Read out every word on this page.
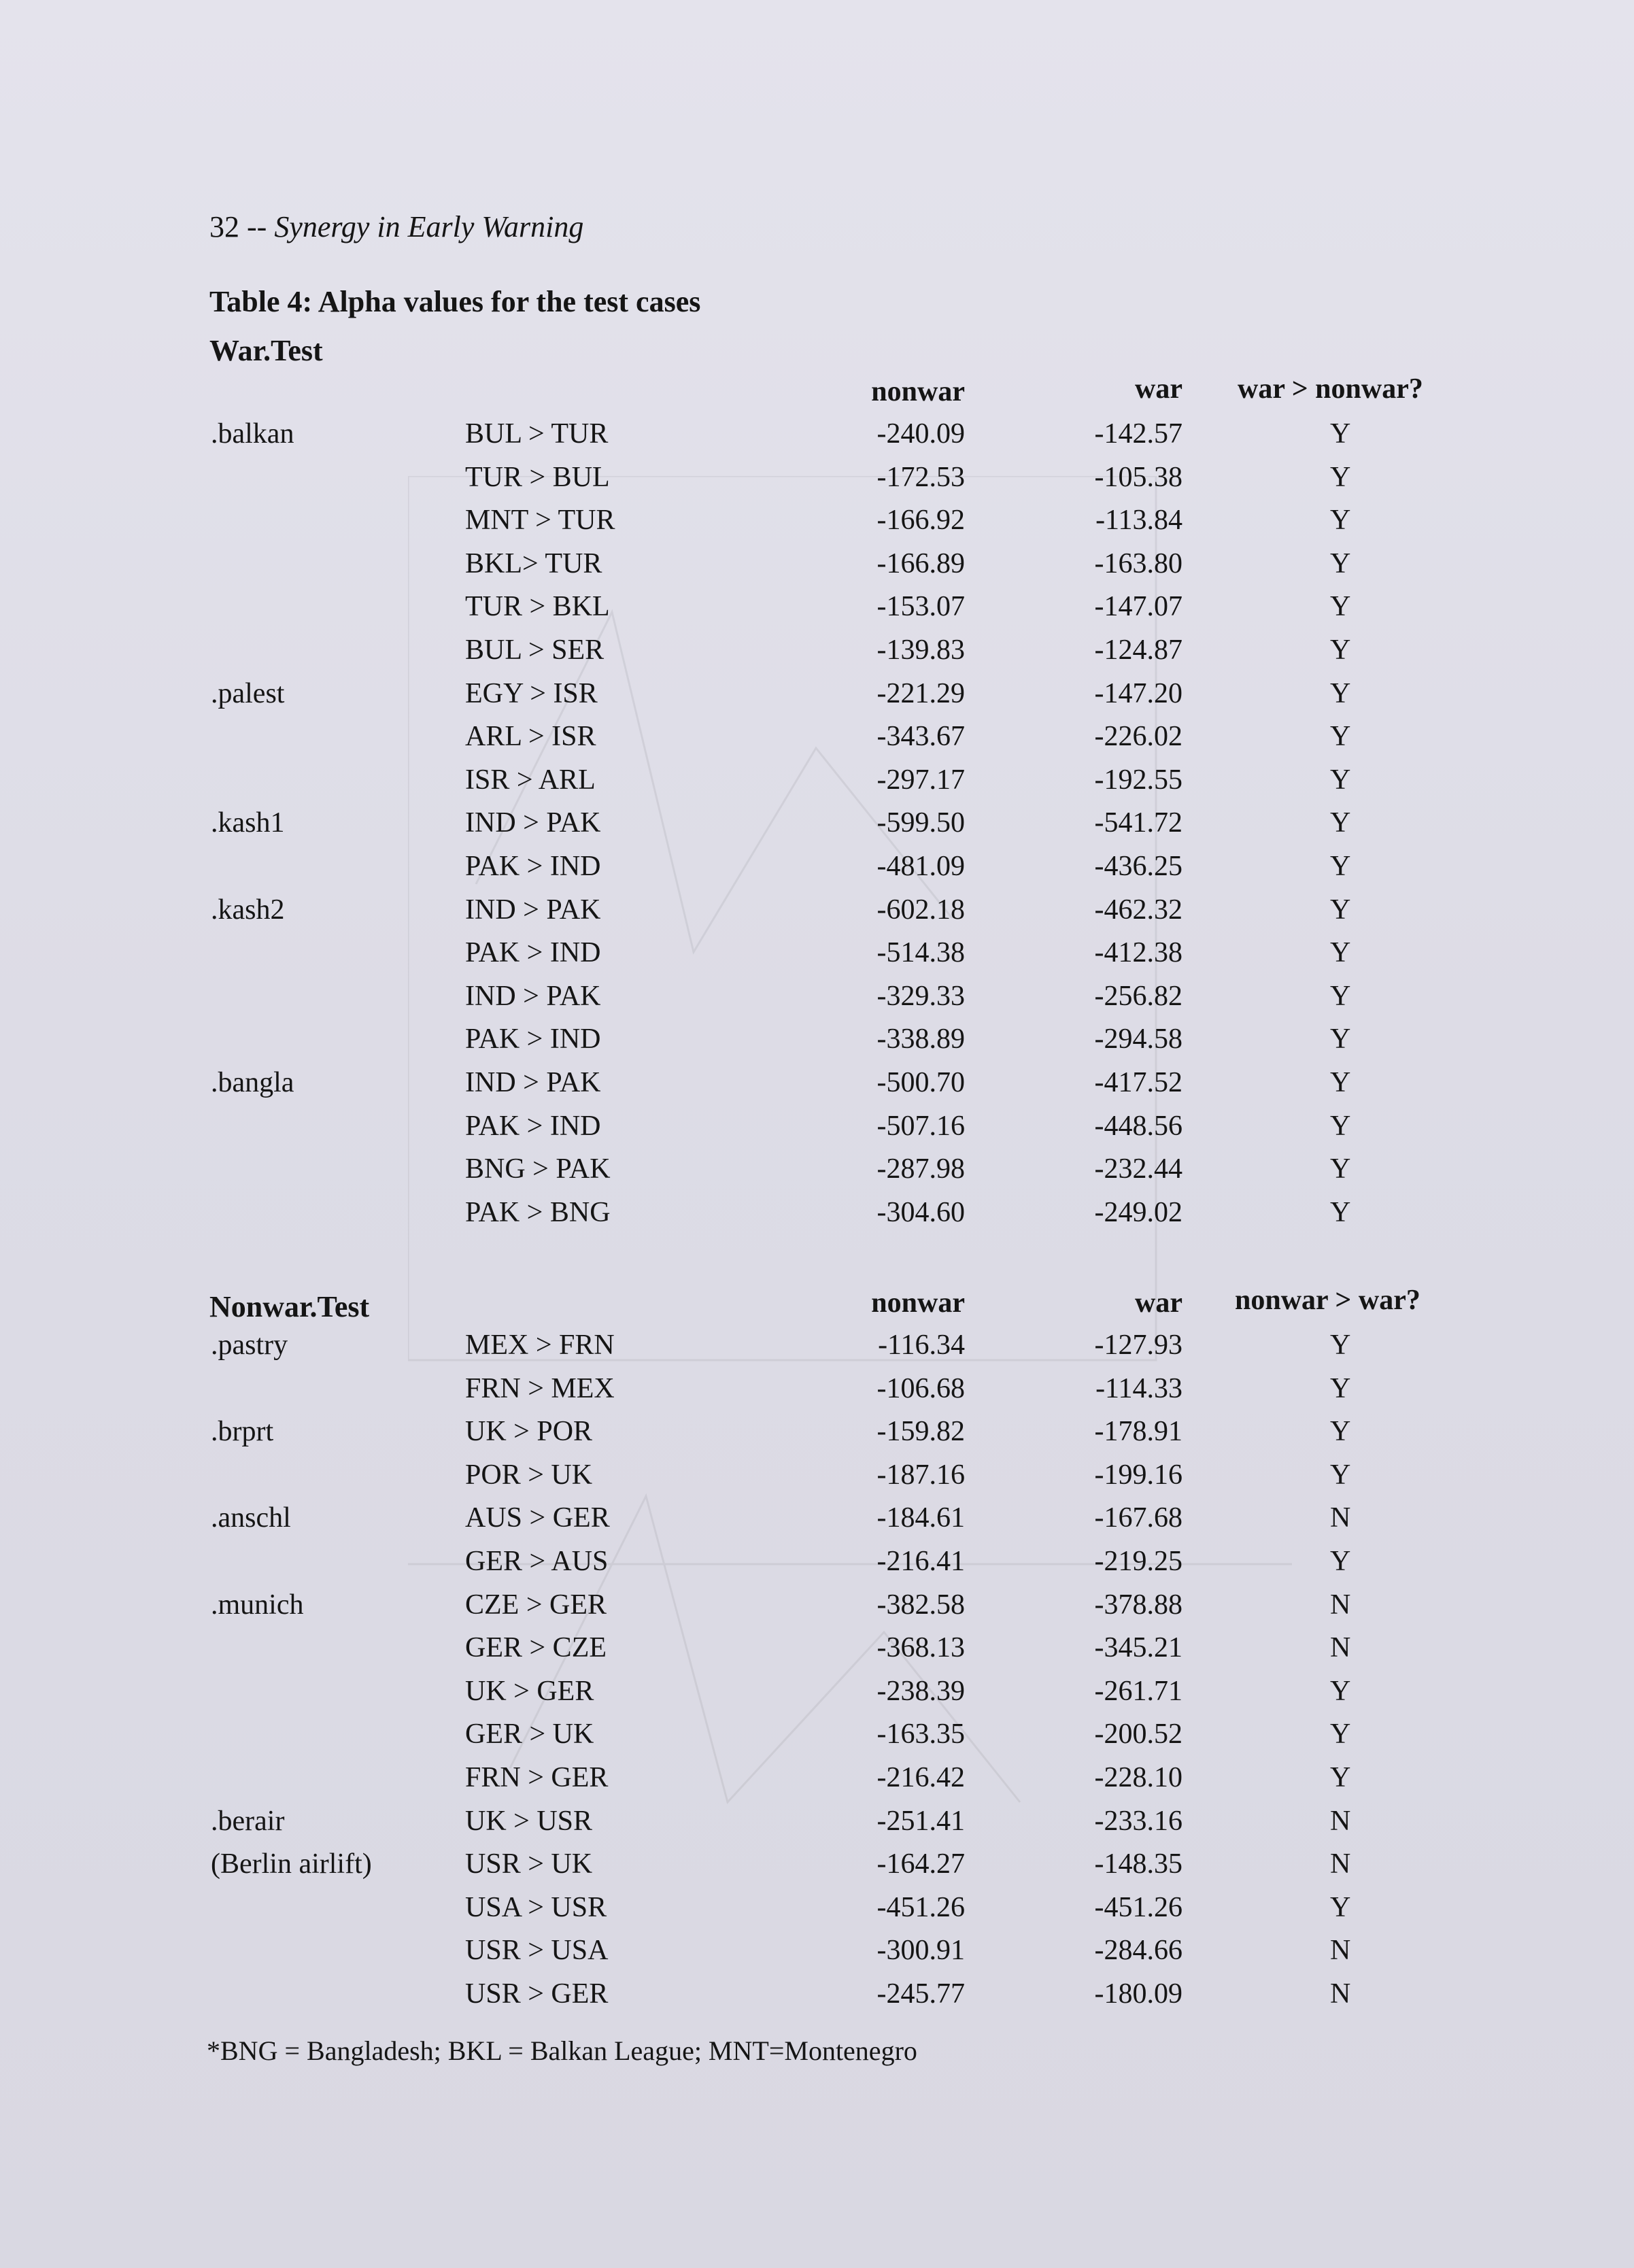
32 -- Synergy in Early Warning
Table 4: Alpha values for the test cases
War.Test
nonwar	war war > nonwar?
.balkan	BUL > TUR	-240.09	-142.57	Y
TUR > BUL	-172.53	-105.38	Y
MNT > TUR	-166.92	-113.84	Y
BKL> TUR	-166.89	-163.80	Y
TUR > BKL	-153.07	-147.07	Y
BUL > SER	-139.83	-124.87	Y
.palest	EGY > ISR	-221.29	-147.20	Y
ARL > ISR	-343.67	-226.02	Y
ISR > ARL	-297.17	-192.55	Y
.kash1	IND > PAK	-599.50	-541.72	Y
PAK > IND	-481.09	-436.25	Y
.kash2	IND > PAK	-602.18	-462.32	Y
PAK > IND	-514.38	-412.38	Y
IND > PAK	-329.33	-256.82	Y
PAK > IND	-338.89	-294.58	Y
.bangla	IND > PAK	-500.70	-417.52	Y
PAK > IND	-507.16	-448.56	Y
BNG > PAK	-287.98	-232.44	Y
PAK > BNG	-304.60	-249.02	Y
Nonwar.Test	nonwar	war nonwar > war?
.pastry	MEX > FRN	-116.34	-127.93	Y
FRN > MEX	-106.68	-114.33	Y
.brprt	UK > POR	-159.82	-178.91	Y
POR > UK	-187.16	-199.16	Y
.anschl	AUS > GER	-184.61	-167.68	N
GER > AUS	-216.41	-219.25	Y
.munich	CZE > GER	-382.58	-378.88	N
GER > CZE	-368.13	-345.21	N
UK > GER	-238.39	-261.71	Y
GER > UK	-163.35	-200.52	Y
FRN > GER	-216.42	-228.10	Y
.berair	UK > USR	-251.41	-233.16	N
(Berlin airlift)	USR > UK	-164.27	-148.35	N
USA > USR	-451.26	-451.26	Y
USR > USA	-300.91	-284.66	N
USR > GER	-245.77	-180.09	N
*BNG = Bangladesh; BKL = Balkan League; MNT=Montenegro
